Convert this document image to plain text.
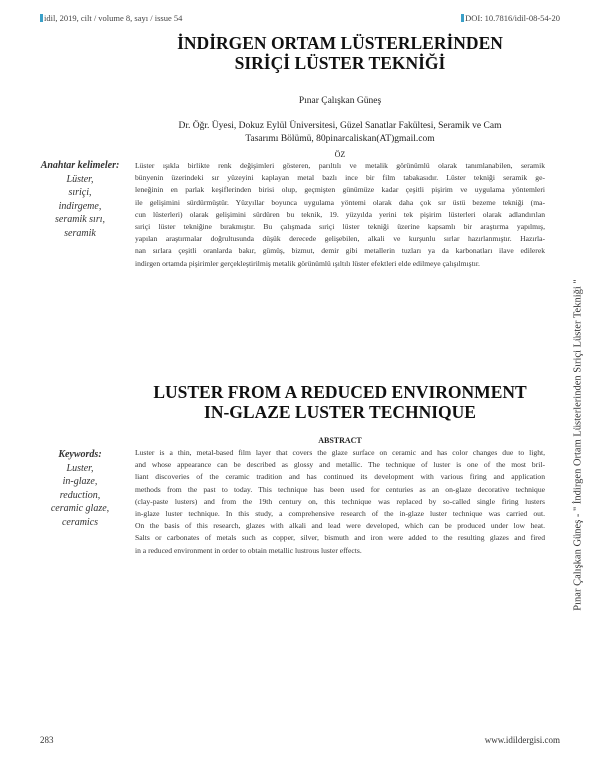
idil, 2019, cilt / volume 8, sayı / issue 54	DOI: 10.7816/idil-08-54-20
İNDİRGEN ORTAM LÜSTERLERİNDEN
SIRİÇİ LÜSTER TEKNİĞİ
Pınar Çalışkan Güneş
Dr. Öğr. Üyesi, Dokuz Eylül Üniversitesi, Güzel Sanatlar Fakültesi, Seramik ve Cam
Tasarımı Bölümü, 80pinarcaliskan(AT)gmail.com
ÖZ
Anahtar kelimeler:
Lüster,
sıriçi,
indirgeme,
seramik sırı,
seramik
Lüster ışıkla birlikte renk değişimleri gösteren, parıltılı ve metalik görünümlü olarak tanımlanabilen, seramik
bünyenin üzerindeki sır yüzeyini kaplayan metal bazlı ince bir film tabakasıdır. Lüster tekniği seramik ge-
leneğinin en parlak keşiflerinden birisi olup, geçmişten günümüze kadar çeşitli pişirim ve uygulama yöntemleri
ile gelişimini sürdürmüştür. Yüzyıllar boyunca uygulama yöntemi olarak daha çok sır üstü bezeme tekniği (ma-
cun lüsterleri) olarak gelişimini sürdüren bu teknik, 19. yüzyılda yerini tek pişirim lüsterleri olarak adlandırılan
sıriçi lüster tekniğine bırakmıştır. Bu çalışmada sıriçi lüster tekniği üzerine kapsamlı bir araştırma yapılmış,
yapılan araştırmalar doğrultusunda düşük derecede gelişebilen, alkali ve kurşunlu sırlar hazırlanmıştır. Hazırla-
nan sırlara çeşitli oranlarda bakır, gümüş, bizmut, demir gibi metallerin tuzları ya da karbonatları ilave edilerek
indirgen ortamda pişirimler gerçekleştirilmiş metalik görünümlü ışıltılı lüster efektleri elde edilmeye çalışılmıştır.
LUSTER FROM A REDUCED ENVIRONMENT
IN-GLAZE LUSTER TECHNIQUE
ABSTRACT
Keywords:
Luster,
in-glaze,
reduction,
ceramic glaze,
ceramics
Luster is a thin, metal-based film layer that covers the glaze surface on ceramic and has color changes due to light,
and whose appearance can be described as glossy and metallic. The technique of luster is one of the most bril-
liant discoveries of the ceramic tradition and has continued its development with various firing and application
methods from the past to today. This technique has been used for centuries as an on-glaze decorative technique
(clay-paste lusters) and from the 19th century on, this technique was replaced by so-called single firing lusters
in-glaze luster technique. In this study, a comprehensive research of the in-glaze luster technique was carried out.
On the basis of this research, glazes with alkali and lead were developed, which can be produced under low heat.
Salts or carbonates of metals such as copper, silver, bismuth and iron were added to the resulting glazes and fired
in a reduced environment in order to obtain metallic lustrous luster effects.	Pınar Çalışkan Güneş - " İndirgen Ortam Lüsterlerinden Sıriçi Lüster Tekniği "
283	www.idildergisi.com
